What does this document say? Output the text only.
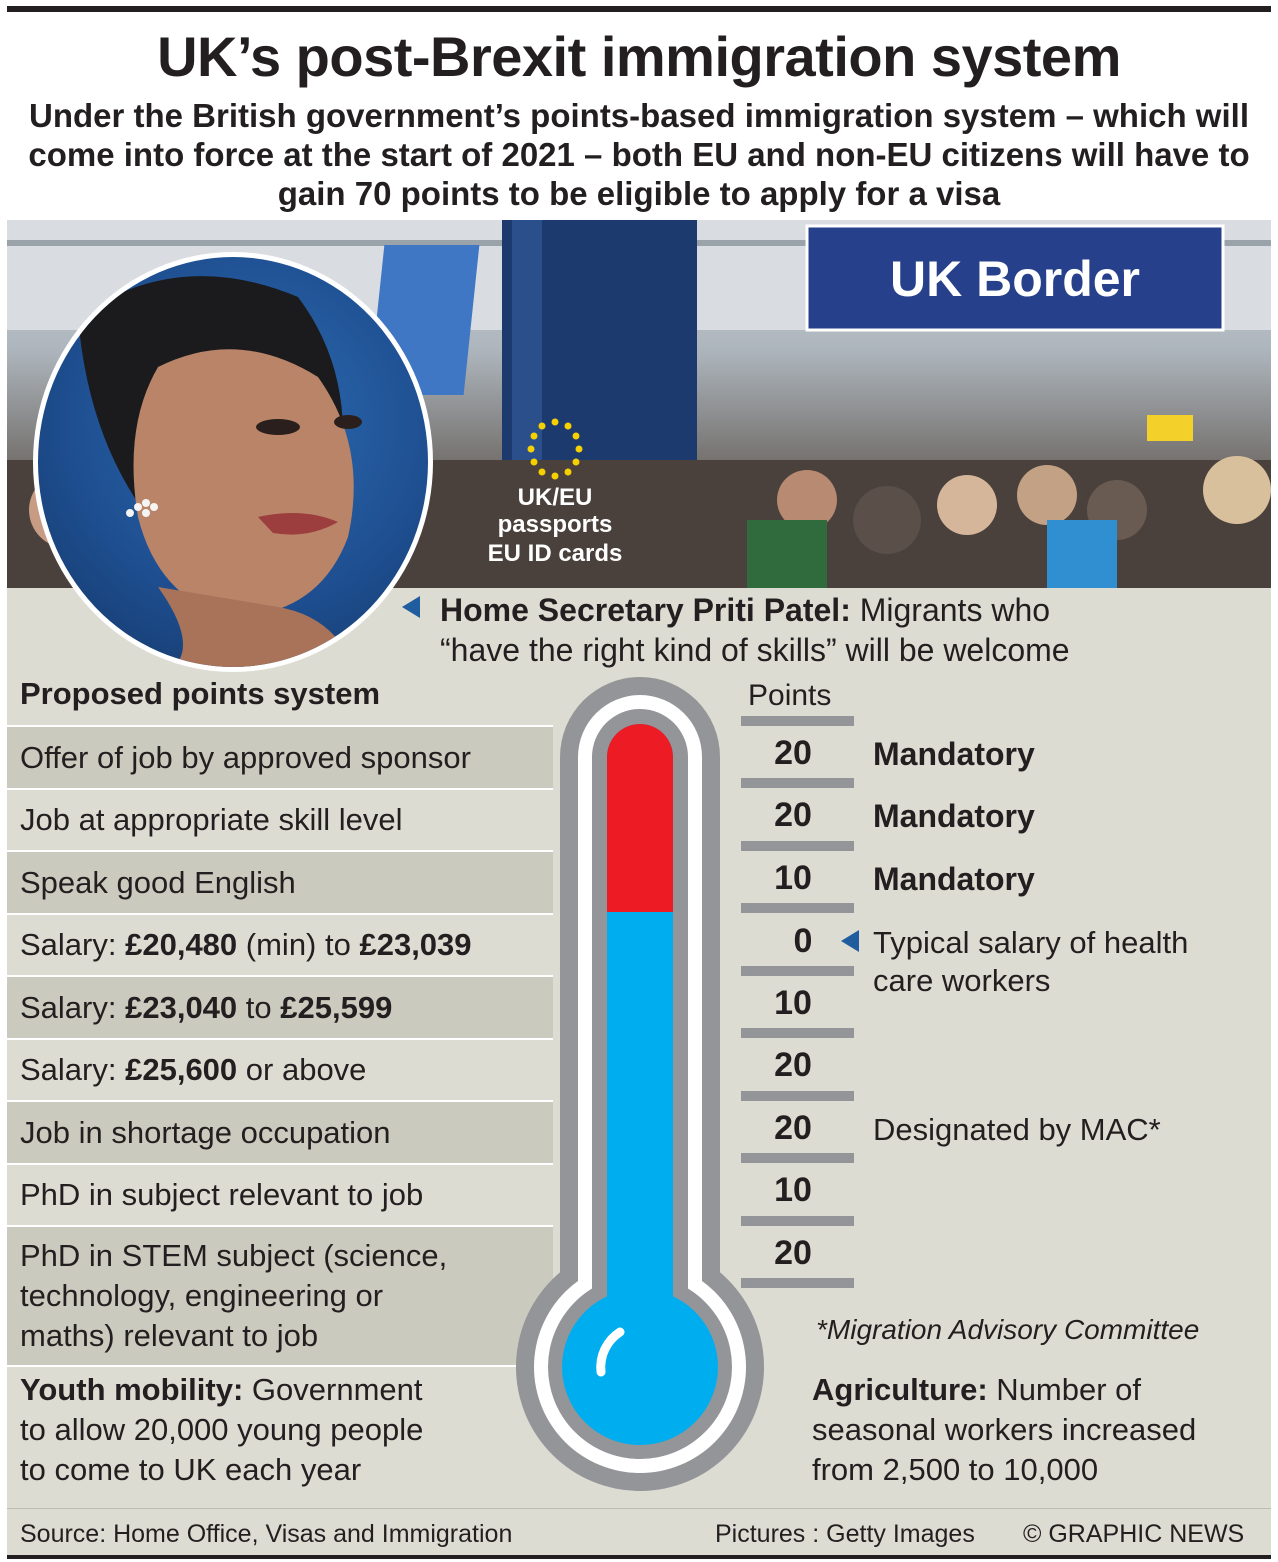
UK’s post-Brexit immigration system
Under the British government’s points-based immigration system – which will come into force at the start of 2021 – both EU and non-EU citizens will have to gain 70 points to be eligible to apply for a visa
UK Border
UK/EU
passports
EU ID cards
Home Secretary Priti Patel: Migrants who
“have the right kind of skills” will be welcome
Proposed points system	Points
Offer of job by approved sponsor
Job at appropriate skill level
Speak good English
Salary: £20,480 (min) to £23,039
Salary: £23,040 to £25,599
Salary: £25,600 or above
Job in shortage occupation
PhD in subject relevant to job
PhD in STEM subject (science,
technology, engineering or
maths) relevant to job
20
20
10
0
10
20
20
10
20
Mandatory
Mandatory
Mandatory
Typical salary of health
care workers
Designated by MAC*
*Migration Advisory Committee
Youth mobility: Government
to allow 20,000 young people
to come to UK each year
Agriculture: Number of
seasonal workers increased
from 2,500 to 10,000
Source: Home Office, Visas and Immigration	Pictures : Getty Images © GRAPHIC NEWS
